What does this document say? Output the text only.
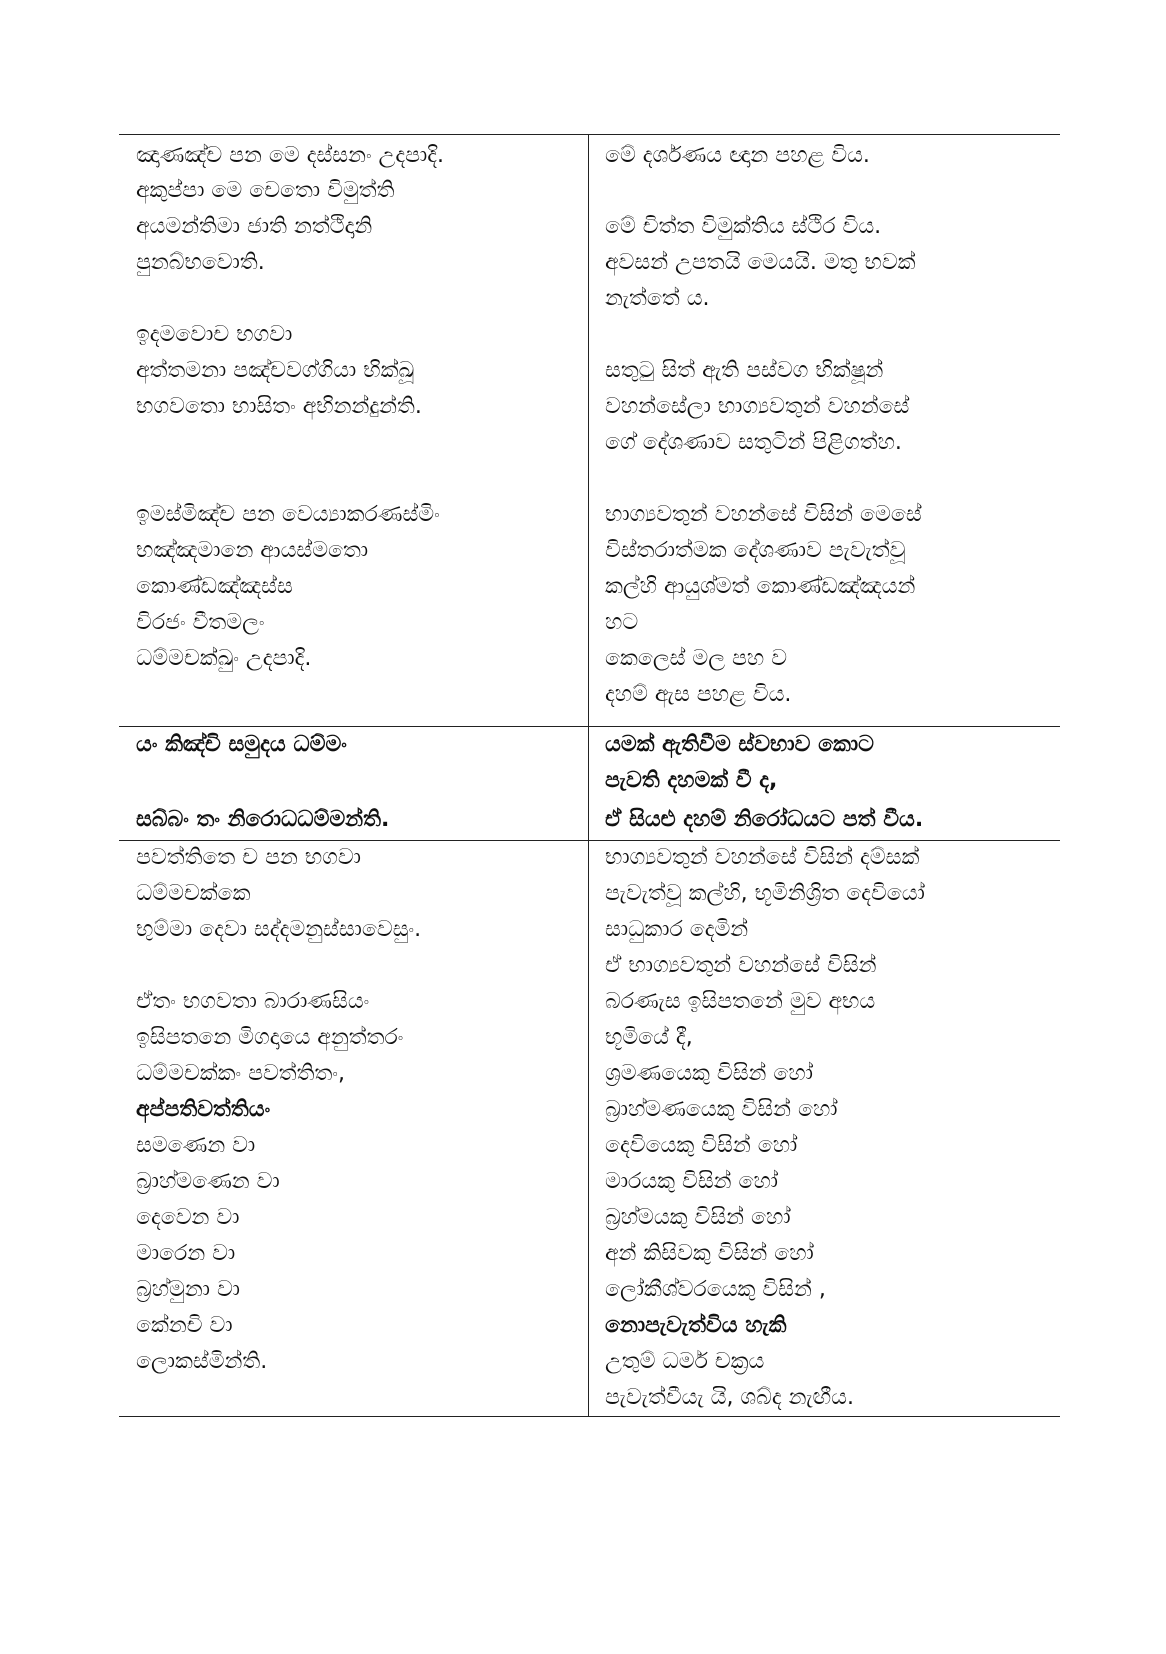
ඤාණඤ්ච පන මෙ දස්සනං උදපාදි.
අකුප්පා මෙ චෙතො විමුත්ති
අයමන්තිමා ජාති නත්ථිදානි
පුනබ්භවොති.
ඉදමවොච භගවා
අත්තමනා පඤ්චවග්ගියා භික්ඛූ
භගවතො භාසිතං අභිනන්දුන්ති.
ඉමස්මිඤ්ච පන වෙය්‍යාකරණස්මිං
භඤ්ඤමානෙ ආයස්මතො
කොණ්ඩඤ්ඤස්ස
විරජං වීතමලං
ධම්මචක්ඛුං උදපාදි.
මේ දර්ශණය ඥාන පහළ විය.
මේ චිත්ත විමුක්තිය ස්ථිර විය.
අවසන් උපතයි මෙයයි. මතු භවක්
නැත්තේ ය.
සතුටු සිත් ඇති පස්වග භික්ෂූන්
වහන්සේලා භාග්‍යවතුන් වහන්සේ
ගේ දේශණාව සතුටින් පිළිගත්හ.
භාග්‍යවතුන් වහන්සේ විසින් මෙසේ
විස්තරාත්මක දේශණාව පැවැත්වූ
කල්හි ආයුශ්මත් කොණ්ඩඤ්ඤයන්
හට
කෙලෙස් මල පහ ව
දහම් ඇස පහළ විය.
යං කිඤ්චි සමුදය ධම්මං
සබ්බං තං නිරොධධම්මන්ති.
යමක් ඇතිවීම ස්වභාව කොට
පැවති දහමක් වී ද,
ඒ සියළු දහම් නිරෝධයට පත් වීය.
පවත්තිතෙ ච පන භගවා
ධම්මචක්කෙ
භුම්මා දෙවා සද්දමනුස්සාවෙසුං.
ඒතං භගවතා බාරාණසියං
ඉසිපතනෙ මිගදායෙ අනුත්තරං
ධම්මචක්කං පවත්තිතං,
අප්පතිවත්තියං
සමණෙන වා
බ්‍රාහ්මණෙන වා
දෙවෙන වා
මාරෙන වා
බ්‍රහ්මුනා වා
කේනචි වා
ලොකස්මින්ති.
භාග්‍යවතුන් වහන්සේ විසින් දම්සක්
පැවැත්වූ කල්හි, භූමිනිශ්‍රිත දෙවියෝ
සාධුකාර දෙමින්
ඒ භාග්‍යවතුන් වහන්සේ විසින්
බරණැස ඉසිපතනේ මුව අභය
භූමියේ දී,
ශ්‍රමණයෙකු විසින් හෝ
බ්‍රාහ්මණයෙකු විසින් හෝ
දෙවියෙකු විසින් හෝ
මාරයකු විසින් හෝ
බ්‍රහ්මයකු විසින් හෝ
අන් කිසිවකු විසින් හෝ
ලෝකීශ්වරයෙකු විසින් ,
නොපැවැත්විය හැකි
උතුම් ධර්ම චක්‍රය
පැවැත්වීයැ යි, ශබ්ද නැඟීය.
